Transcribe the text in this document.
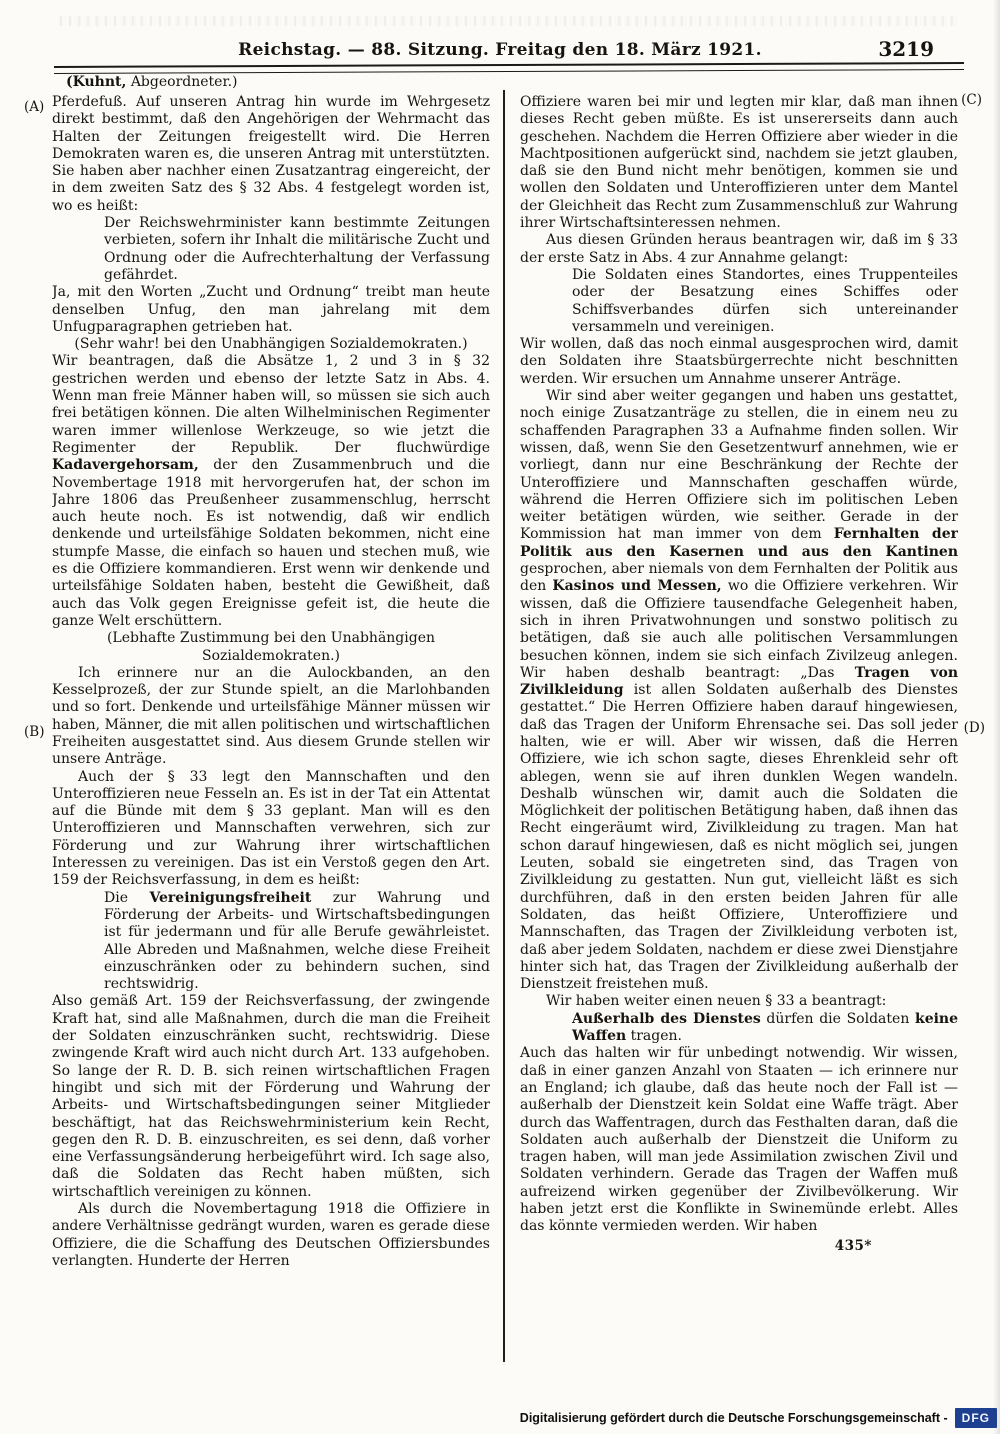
Reichstag. — 88. Sitzung. Freitag den 18. März 1921.	3219
(A)
(B)
(C)
(D)
(Kuhnt, Abgeordneter.)

Pferdefuß. Auf unseren Antrag hin wurde im Wehrgesetz direkt bestimmt, daß den Angehörigen der Wehrmacht das Halten der Zeitungen freigestellt wird. Die Herren Demokraten waren es, die unseren Antrag mit unterstützten. Sie haben aber nachher einen Zusatzantrag eingereicht, der in dem zweiten Satz des § 32 Abs. 4 festgelegt worden ist, wo es heißt:

Der Reichswehrminister kann bestimmte Zeitungen verbieten, sofern ihr Inhalt die militärische Zucht und Ordnung oder die Aufrechterhaltung der Verfassung gefährdet.

Ja, mit den Worten „Zucht und Ordnung“ treibt man heute denselben Unfug, den man jahrelang mit dem Unfugparagraphen getrieben hat.

(Sehr wahr! bei den Unabhängigen Sozialdemokraten.)

Wir beantragen, daß die Absätze 1, 2 und 3 in § 32 gestrichen werden und ebenso der letzte Satz in Abs. 4. Wenn man freie Männer haben will, so müssen sie sich auch frei betätigen können. Die alten Wilhelminischen Regimenter waren immer willenlose Werkzeuge, so wie jetzt die Regimenter der Republik. Der fluchwürdige Kadavergehorsam, der den Zusammenbruch und die Novembertage 1918 mit hervorgerufen hat, der schon im Jahre 1806 das Preußenheer zusammenschlug, herrscht auch heute noch. Es ist notwendig, daß wir endlich denkende und urteilsfähige Soldaten bekommen, nicht eine stumpfe Masse, die einfach so hauen und stechen muß, wie es die Offiziere kommandieren. Erst wenn wir denkende und urteilsfähige Soldaten haben, besteht die Gewißheit, daß auch das Volk gegen Ereignisse gefeit ist, die heute die ganze Welt erschüttern.

(Lebhafte Zustimmung bei den Unabhängigen Sozialdemokraten.)

Ich erinnere nur an die Aulockbanden, an den Kesselprozeß, der zur Stunde spielt, an die Marlohbanden und so fort. Denkende und urteilsfähige Männer müssen wir haben, Männer, die mit allen politischen und wirtschaftlichen Freiheiten ausgestattet sind. Aus diesem Grunde stellen wir unsere Anträge.

Auch der § 33 legt den Mannschaften und den Unteroffizieren neue Fesseln an. Es ist in der Tat ein Attentat auf die Bünde mit dem § 33 geplant. Man will es den Unteroffizieren und Mannschaften verwehren, sich zur Förderung und zur Wahrung ihrer wirtschaftlichen Interessen zu vereinigen. Das ist ein Verstoß gegen den Art. 159 der Reichsverfassung, in dem es heißt:

Die Vereinigungsfreiheit zur Wahrung und Förderung der Arbeits- und Wirtschaftsbedingungen ist für jedermann und für alle Berufe gewährleistet. Alle Abreden und Maßnahmen, welche diese Freiheit einzuschränken oder zu behindern suchen, sind rechtswidrig.

Also gemäß Art. 159 der Reichsverfassung, der zwingende Kraft hat, sind alle Maßnahmen, durch die man die Freiheit der Soldaten einzuschränken sucht, rechtswidrig. Diese zwingende Kraft wird auch nicht durch Art. 133 aufgehoben. So lange der R. D. B. sich reinen wirtschaftlichen Fragen hingibt und sich mit der Förderung und Wahrung der Arbeits- und Wirtschaftsbedingungen seiner Mitglieder beschäftigt, hat das Reichswehrministerium kein Recht, gegen den R. D. B. einzuschreiten, es sei denn, daß vorher eine Verfassungsänderung herbeigeführt wird. Ich sage also, daß die Soldaten das Recht haben müßten, sich wirtschaftlich vereinigen zu können.

Als durch die Novembertagung 1918 die Offiziere in andere Verhältnisse gedrängt wurden, waren es gerade diese Offiziere, die die Schaffung des Deutschen Offiziersbundes verlangten. Hunderte der Herren

Offiziere waren bei mir und legten mir klar, daß man ihnen dieses Recht geben müßte. Es ist unsererseits dann auch geschehen. Nachdem die Herren Offiziere aber wieder in die Machtpositionen aufgerückt sind, nachdem sie jetzt glauben, daß sie den Bund nicht mehr benötigen, kommen sie und wollen den Soldaten und Unteroffizieren unter dem Mantel der Gleichheit das Recht zum Zusammenschluß zur Wahrung ihrer Wirtschaftsinteressen nehmen.

Aus diesen Gründen heraus beantragen wir, daß im § 33 der erste Satz in Abs. 4 zur Annahme gelangt:

Die Soldaten eines Standortes, eines Truppenteiles oder der Besatzung eines Schiffes oder Schiffsverbandes dürfen sich untereinander versammeln und vereinigen.

Wir wollen, daß das noch einmal ausgesprochen wird, damit den Soldaten ihre Staatsbürgerrechte nicht beschnitten werden. Wir ersuchen um Annahme unserer Anträge.

Wir sind aber weiter gegangen und haben uns gestattet, noch einige Zusatzanträge zu stellen, die in einem neu zu schaffenden Paragraphen 33 a Aufnahme finden sollen. Wir wissen, daß, wenn Sie den Gesetzentwurf annehmen, wie er vorliegt, dann nur eine Beschränkung der Rechte der Unteroffiziere und Mannschaften geschaffen würde, während die Herren Offiziere sich im politischen Leben weiter betätigen würden, wie seither. Gerade in der Kommission hat man immer von dem Fernhalten der Politik aus den Kasernen und aus den Kantinen gesprochen, aber niemals von dem Fernhalten der Politik aus den Kasinos und Messen, wo die Offiziere verkehren. Wir wissen, daß die Offiziere tausendfache Gelegenheit haben, sich in ihren Privatwohnungen und sonstwo politisch zu betätigen, daß sie auch alle politischen Versammlungen besuchen können, indem sie sich einfach Zivilzeug anlegen. Wir haben deshalb beantragt: „Das Tragen von Zivilkleidung ist allen Soldaten außerhalb des Dienstes gestattet.“ Die Herren Offiziere haben darauf hingewiesen, daß das Tragen der Uniform Ehrensache sei. Das soll jeder halten, wie er will. Aber wir wissen, daß die Herren Offiziere, wie ich schon sagte, dieses Ehrenkleid sehr oft ablegen, wenn sie auf ihren dunklen Wegen wandeln. Deshalb wünschen wir, damit auch die Soldaten die Möglichkeit der politischen Betätigung haben, daß ihnen das Recht eingeräumt wird, Zivilkleidung zu tragen. Man hat schon darauf hingewiesen, daß es nicht möglich sei, jungen Leuten, sobald sie eingetreten sind, das Tragen von Zivilkleidung zu gestatten. Nun gut, vielleicht läßt es sich durchführen, daß in den ersten beiden Jahren für alle Soldaten, das heißt Offiziere, Unteroffiziere und Mannschaften, das Tragen der Zivilkleidung verboten ist, daß aber jedem Soldaten, nachdem er diese zwei Dienstjahre hinter sich hat, das Tragen der Zivilkleidung außerhalb der Dienstzeit freistehen muß.

Wir haben weiter einen neuen § 33 a beantragt:

Außerhalb des Dienstes dürfen die Soldaten keine Waffen tragen.

Auch das halten wir für unbedingt notwendig. Wir wissen, daß in einer ganzen Anzahl von Staaten — ich erinnere nur an England; ich glaube, daß das heute noch der Fall ist — außerhalb der Dienstzeit kein Soldat eine Waffe trägt. Aber durch das Waffentragen, durch das Festhalten daran, daß die Soldaten auch außerhalb der Dienstzeit die Uniform zu tragen haben, will man jede Assimilation zwischen Zivil und Soldaten verhindern. Gerade das Tragen der Waffen muß aufreizend wirken gegenüber der Zivilbevölkerung. Wir haben jetzt erst die Konflikte in Swinemünde erlebt. Alles das könnte vermieden werden. Wir haben

435*
Digitalisierung gefördert durch die Deutsche Forschungsgemeinschaft -	DFG
